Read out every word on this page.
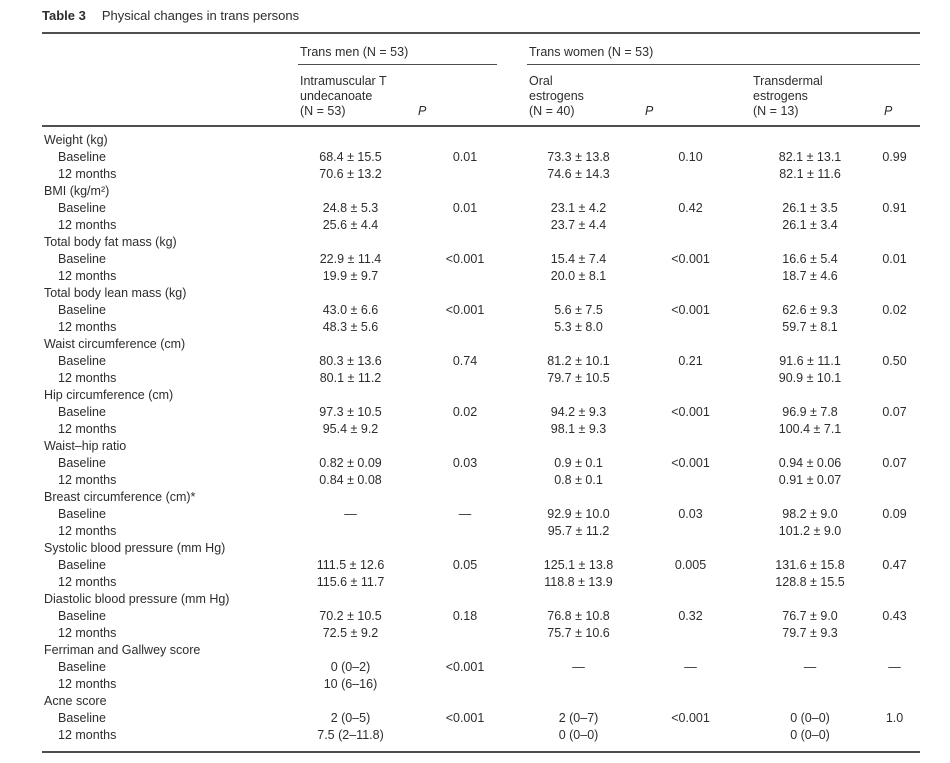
Table 3 Physical changes in trans persons

	Trans men (N = 53)		Trans women (N = 53)			

Intramuscular T
undecanoate
(N = 53)	P	
Oral
estrogens
(N = 40)	P	
Transdermal
estrogens
(N = 13)	P
Weight (kg)						
Baseline	68.4 ± 15.5	0.01	73.3 ± 13.8	0.10	82.1 ± 13.1	0.99
12 months	70.6 ± 13.2		74.6 ± 14.3		82.1 ± 11.6	
BMI (kg/m²)						
Baseline	24.8 ± 5.3	0.01	23.1 ± 4.2	0.42	26.1 ± 3.5	0.91
12 months	25.6 ± 4.4		23.7 ± 4.4		26.1 ± 3.4	
Total body fat mass (kg)						
Baseline	22.9 ± 11.4	<0.001	15.4 ± 7.4	<0.001	16.6 ± 5.4	0.01
12 months	19.9 ± 9.7		20.0 ± 8.1		18.7 ± 4.6	
Total body lean mass (kg)						
Baseline	43.0 ± 6.6	<0.001	5.6 ± 7.5	<0.001	62.6 ± 9.3	0.02
12 months	48.3 ± 5.6		5.3 ± 8.0		59.7 ± 8.1	
Waist circumference (cm)						
Baseline	80.3 ± 13.6	0.74	81.2 ± 10.1	0.21	91.6 ± 11.1	0.50
12 months	80.1 ± 11.2		79.7 ± 10.5		90.9 ± 10.1	
Hip circumference (cm)						
Baseline	97.3 ± 10.5	0.02	94.2 ± 9.3	<0.001	96.9 ± 7.8	0.07
12 months	95.4 ± 9.2		98.1 ± 9.3		100.4 ± 7.1	
Waist–hip ratio						
Baseline	0.82 ± 0.09	0.03	0.9 ± 0.1	<0.001	0.94 ± 0.06	0.07
12 months	0.84 ± 0.08		0.8 ± 0.1		0.91 ± 0.07	
Breast circumference (cm)*						
Baseline	—	—	92.9 ± 10.0	0.03	98.2 ± 9.0	0.09
12 months			95.7 ± 11.2		101.2 ± 9.0	
Systolic blood pressure (mm Hg)						
Baseline	111.5 ± 12.6	0.05	125.1 ± 13.8	0.005	131.6 ± 15.8	0.47
12 months	115.6 ± 11.7		118.8 ± 13.9		128.8 ± 15.5	
Diastolic blood pressure (mm Hg)						
Baseline	70.2 ± 10.5	0.18	76.8 ± 10.8	0.32	76.7 ± 9.0	0.43
12 months	72.5 ± 9.2		75.7 ± 10.6		79.7 ± 9.3	
Ferriman and Gallwey score						
Baseline	0 (0–2)	<0.001	—	—	—	—
12 months	10 (6–16)					
Acne score						
Baseline	2 (0–5)	<0.001	2 (0–7)	<0.001	0 (0–0)	1.0
12 months	7.5 (2–11.8)		0 (0–0)		0 (0–0)	
